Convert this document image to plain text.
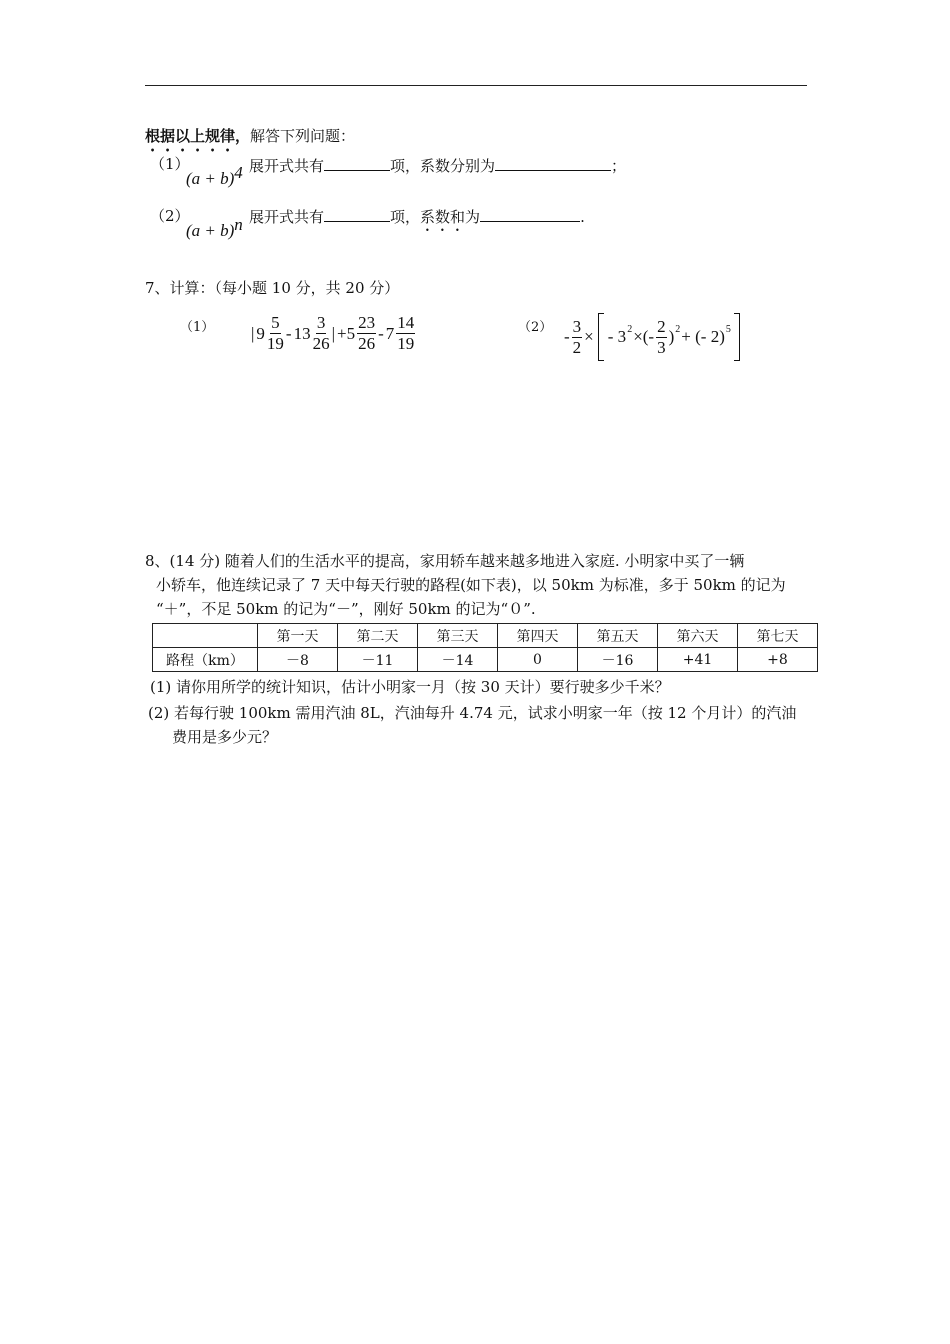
根据以上规律，解答下列问题：
（1）
$(a + b)^4$ 展开式共有	项，系数分别为	；
（2）
$(a + b)^n$ 展开式共有	项，系数和为	.
7、计算：（每小题 10 分，共 20 分）
（1）	（2）
| $9 \frac{5}{19} - 13 \frac{3}{26}$ | $+5 \frac{23}{26} - 7 \frac{14}{19}$	- $\frac{3}{2}$ × - 3 2 ×(- $\frac{2}{3}$ ) 2 + (- 2) 5
8、(14 分) 随着人们的生活水平的提高，家用轿车越来越多地进入家庭. 小明家中买了一辆
小轿车，他连续记录了 7 天中每天行驶的路程(如下表)，以 50km 为标准，多于 50km 的记为
“＋”，不足 50km 的记为“－”，刚好 50km 的记为“０”.
	第一天	第二天	第三天	第四天	第五天	第六天	第七天
路程（km）	－8	－11	－14	0	－16	+41	+8
(1) 请你用所学的统计知识，估计小明家一月（按 30 天计）要行驶多少千米？
(2) 若每行驶 100km 需用汽油 8L，汽油每升 4.74 元，试求小明家一年（按 12 个月计）的汽油
费用是多少元？
